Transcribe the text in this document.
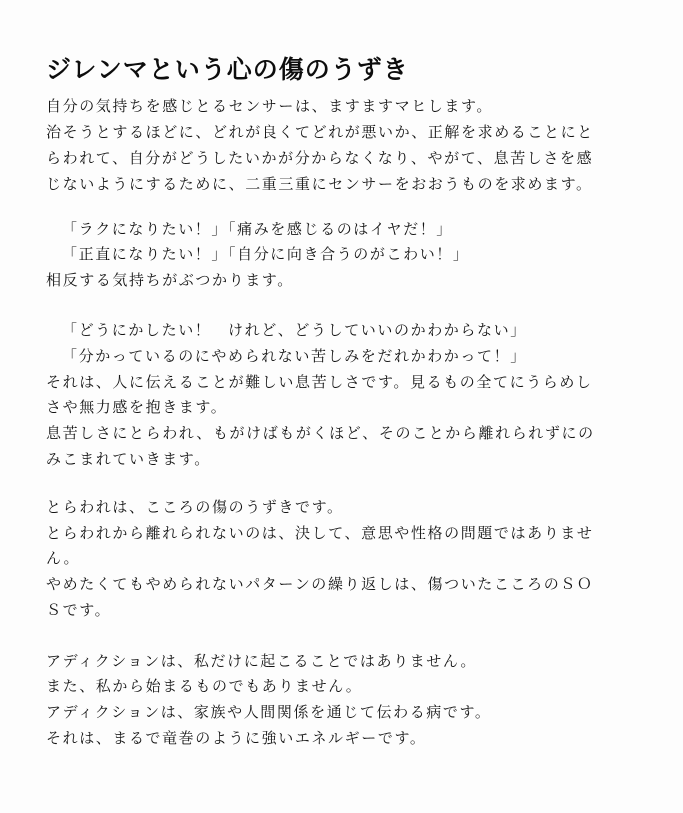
ジレンマという心の傷のうずき
自分の気持ちを感じとるセンサーは、ますますマヒします。
治そうとするほどに、どれが良くてどれが悪いか、正解を求めることにと
らわれて、自分がどうしたいかが分からなくなり、やがて、息苦しさを感
じないようにするために、二重三重にセンサーをおおうものを求めます。
「ラクになりたい！」「痛みを感じるのはイヤだ！」
「正直になりたい！」「自分に向き合うのがこわい！」
相反する気持ちがぶつかります。
「どうにかしたい！　けれど、どうしていいのかわからない」
「分かっているのにやめられない苦しみをだれかわかって！」
それは、人に伝えることが難しい息苦しさです。見るもの全てにうらめし
さや無力感を抱きます。
息苦しさにとらわれ、もがけばもがくほど、そのことから離れられずにの
みこまれていきます。
とらわれは、こころの傷のうずきです。
とらわれから離れられないのは、決して、意思や性格の問題ではありませ
ん。
やめたくてもやめられないパターンの繰り返しは、傷ついたこころのＳＯ
Ｓです。
アディクションは、私だけに起こることではありません。
また、私から始まるものでもありません。
アディクションは、家族や人間関係を通じて伝わる病です。
それは、まるで竜巻のように強いエネルギーです。
